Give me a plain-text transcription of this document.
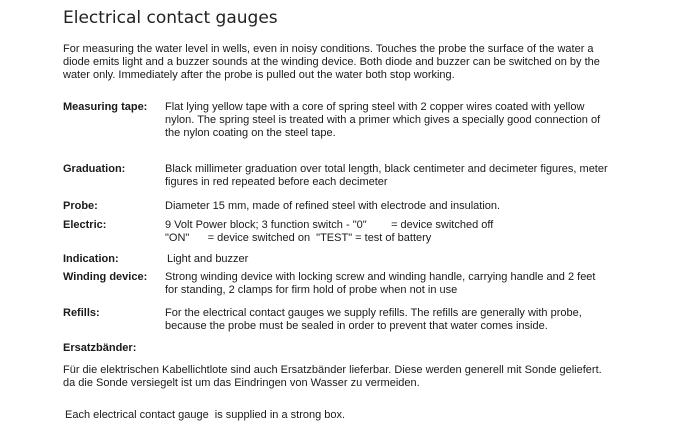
Electrical contact gauges
For measuring the water level in wells, even in noisy conditions. Touches the probe the surface of the water a
diode emits light and a buzzer sounds at the winding device. Both diode and buzzer can be switched on by the
water only. Immediately after the probe is pulled out the water both stop working.
Measuring tape: Flat lying yellow tape with a core of spring steel with 2 copper wires coated with yellow
nylon. The spring steel is treated with a primer which gives a specially good connection of
the nylon coating on the steel tape.
Graduation:	Black millimeter graduation over total length, black centimeter and decimeter figures, meter
figures in red repeated before each decimeter
Probe:	Diameter 15 mm, made of refined steel with electrode and insulation.
Electric:	9 Volt Power block; 3 function switch - "0"        = device switched off
"ON"      = device switched on  "TEST" = test of battery
Indication:	Light and buzzer
Winding device: Strong winding device with locking screw and winding handle, carrying handle and 2 feet
for standing, 2 clamps for firm hold of probe when not in use
Refills:	For the electrical contact gauges we supply refills. The refills are generally with probe,
because the probe must be sealed in order to prevent that water comes inside.
Ersatzbänder:
Für die elektrischen Kabellichtlote sind auch Ersatzbänder lieferbar. Diese werden generell mit Sonde geliefert.
da die Sonde versiegelt ist um das Eindringen von Wasser zu vermeiden.
Each electrical contact gauge  is supplied in a strong box.
